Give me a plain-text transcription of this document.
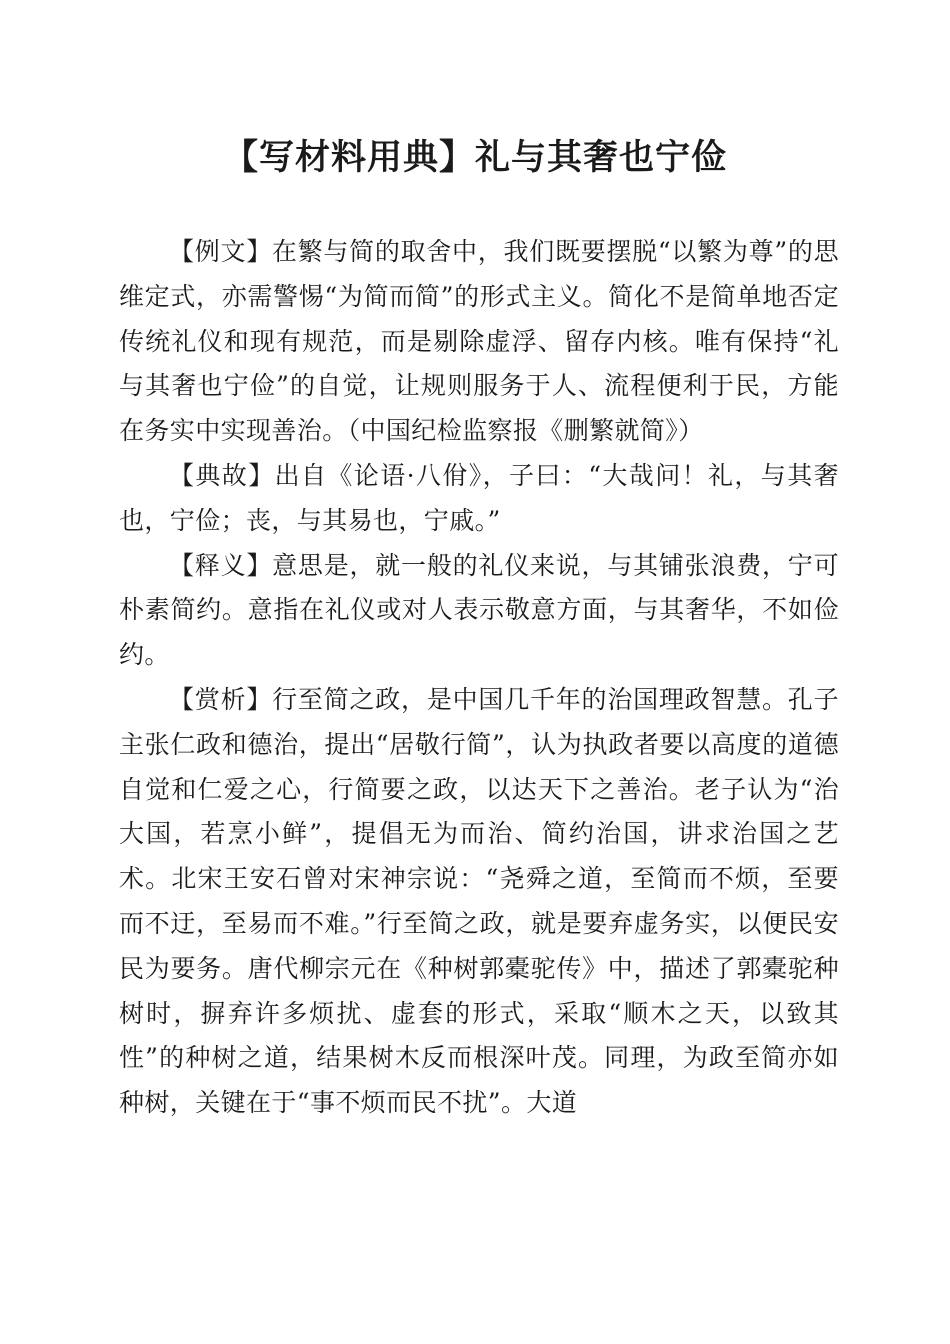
【写材料用典】礼与其奢也宁俭

【例文】在繁与简的取舍中，我们既要摆脱“以繁为尊”的思维定式，亦需警惕“为简而简”的形式主义。简化不是简单地否定传统礼仪和现有规范，而是剔除虚浮、留存内核。唯有保持“礼与其奢也宁俭”的自觉，让规则服务于人、流程便利于民，方能在务实中实现善治。（中国纪检监察报《删繁就简》）

【典故】出自《论语·八佾》，子曰：“大哉问！礼，与其奢也，宁俭；丧，与其易也，宁戚。”

【释义】意思是，就一般的礼仪来说，与其铺张浪费，宁可朴素简约。意指在礼仪或对人表示敬意方面，与其奢华，不如俭约。

【赏析】行至简之政，是中国几千年的治国理政智慧。孔子主张仁政和德治，提出“居敬行简”，认为执政者要以高度的道德自觉和仁爱之心，行简要之政，以达天下之善治。老子认为“治大国，若烹小鲜”，提倡无为而治、简约治国，讲求治国之艺术。北宋王安石曾对宋神宗说：“尧舜之道，至简而不烦，至要而不迂，至易而不难。”行至简之政，就是要弃虚务实，以便民安民为要务。唐代柳宗元在《种树郭橐驼传》中，描述了郭橐驼种树时，摒弃许多烦扰、虚套的形式，采取“顺木之天，以致其性”的种树之道，结果树木反而根深叶茂。同理，为政至简亦如种树，关键在于“事不烦而民不扰”。大道
